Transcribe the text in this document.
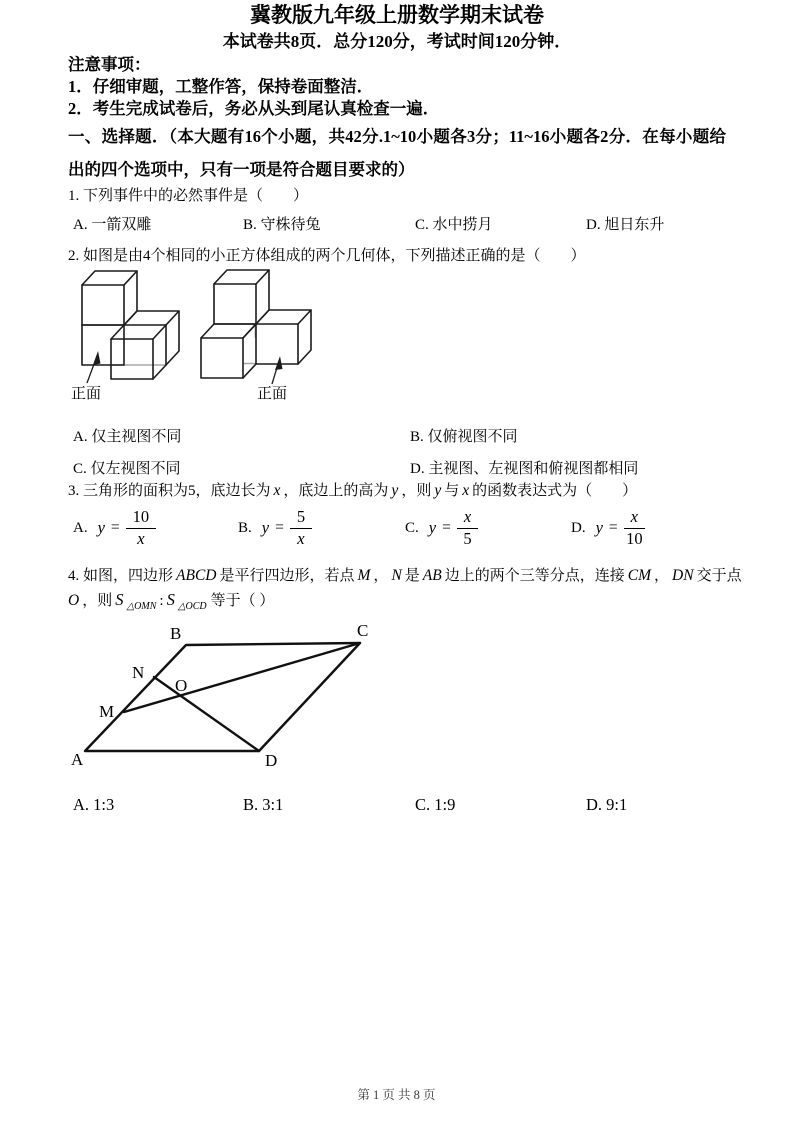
冀教版九年级上册数学期末试卷

本试卷共8页．总分120分，考试时间120分钟．

注意事项：

1．仔细审题，工整作答，保持卷面整洁．

2．考生完成试卷后，务必从头到尾认真检查一遍．

一、选择题．（本大题有16个小题，共42分.1~10小题各3分；11~16小题各2分．在每小题给出的四个选项中，只有一项是符合题目要求的）

1. 下列事件中的必然事件是（　　）

A. 一箭双雕	B. 守株待兔	C. 水中捞月	D. 旭日东升

2. 如图是由4个相同的小正方体组成的两个几何体，下列描述正确的是（　　）

正面	正面
A. 仅主视图不同	B. 仅俯视图不同
C. 仅左视图不同	D. 主视图、左视图和俯视图都相同

3. 三角形的面积为5，底边长为 x ，底边上的高为 y ，则 y 与 x 的函数表达式为（　　）

A. $y = \frac{10}{x}$	B. $y = \frac{5}{x}$	C. $y = \frac{x}{5}$	D. $y = \frac{x}{10}$

4. 如图，四边形 ABCD 是平行四边形，若点 M ， N 是 AB 边上的两个三等分点，连接 CM ， DN 交于点

O ，则 S $_{\triangle OMN}$ : S $_{\triangle OCD}$ 等于（ ）

A
B	C
D
M
N
O
A. 1:3	B. 3:1	C. 1:9	D. 9:1
第 1 页 共 8 页
